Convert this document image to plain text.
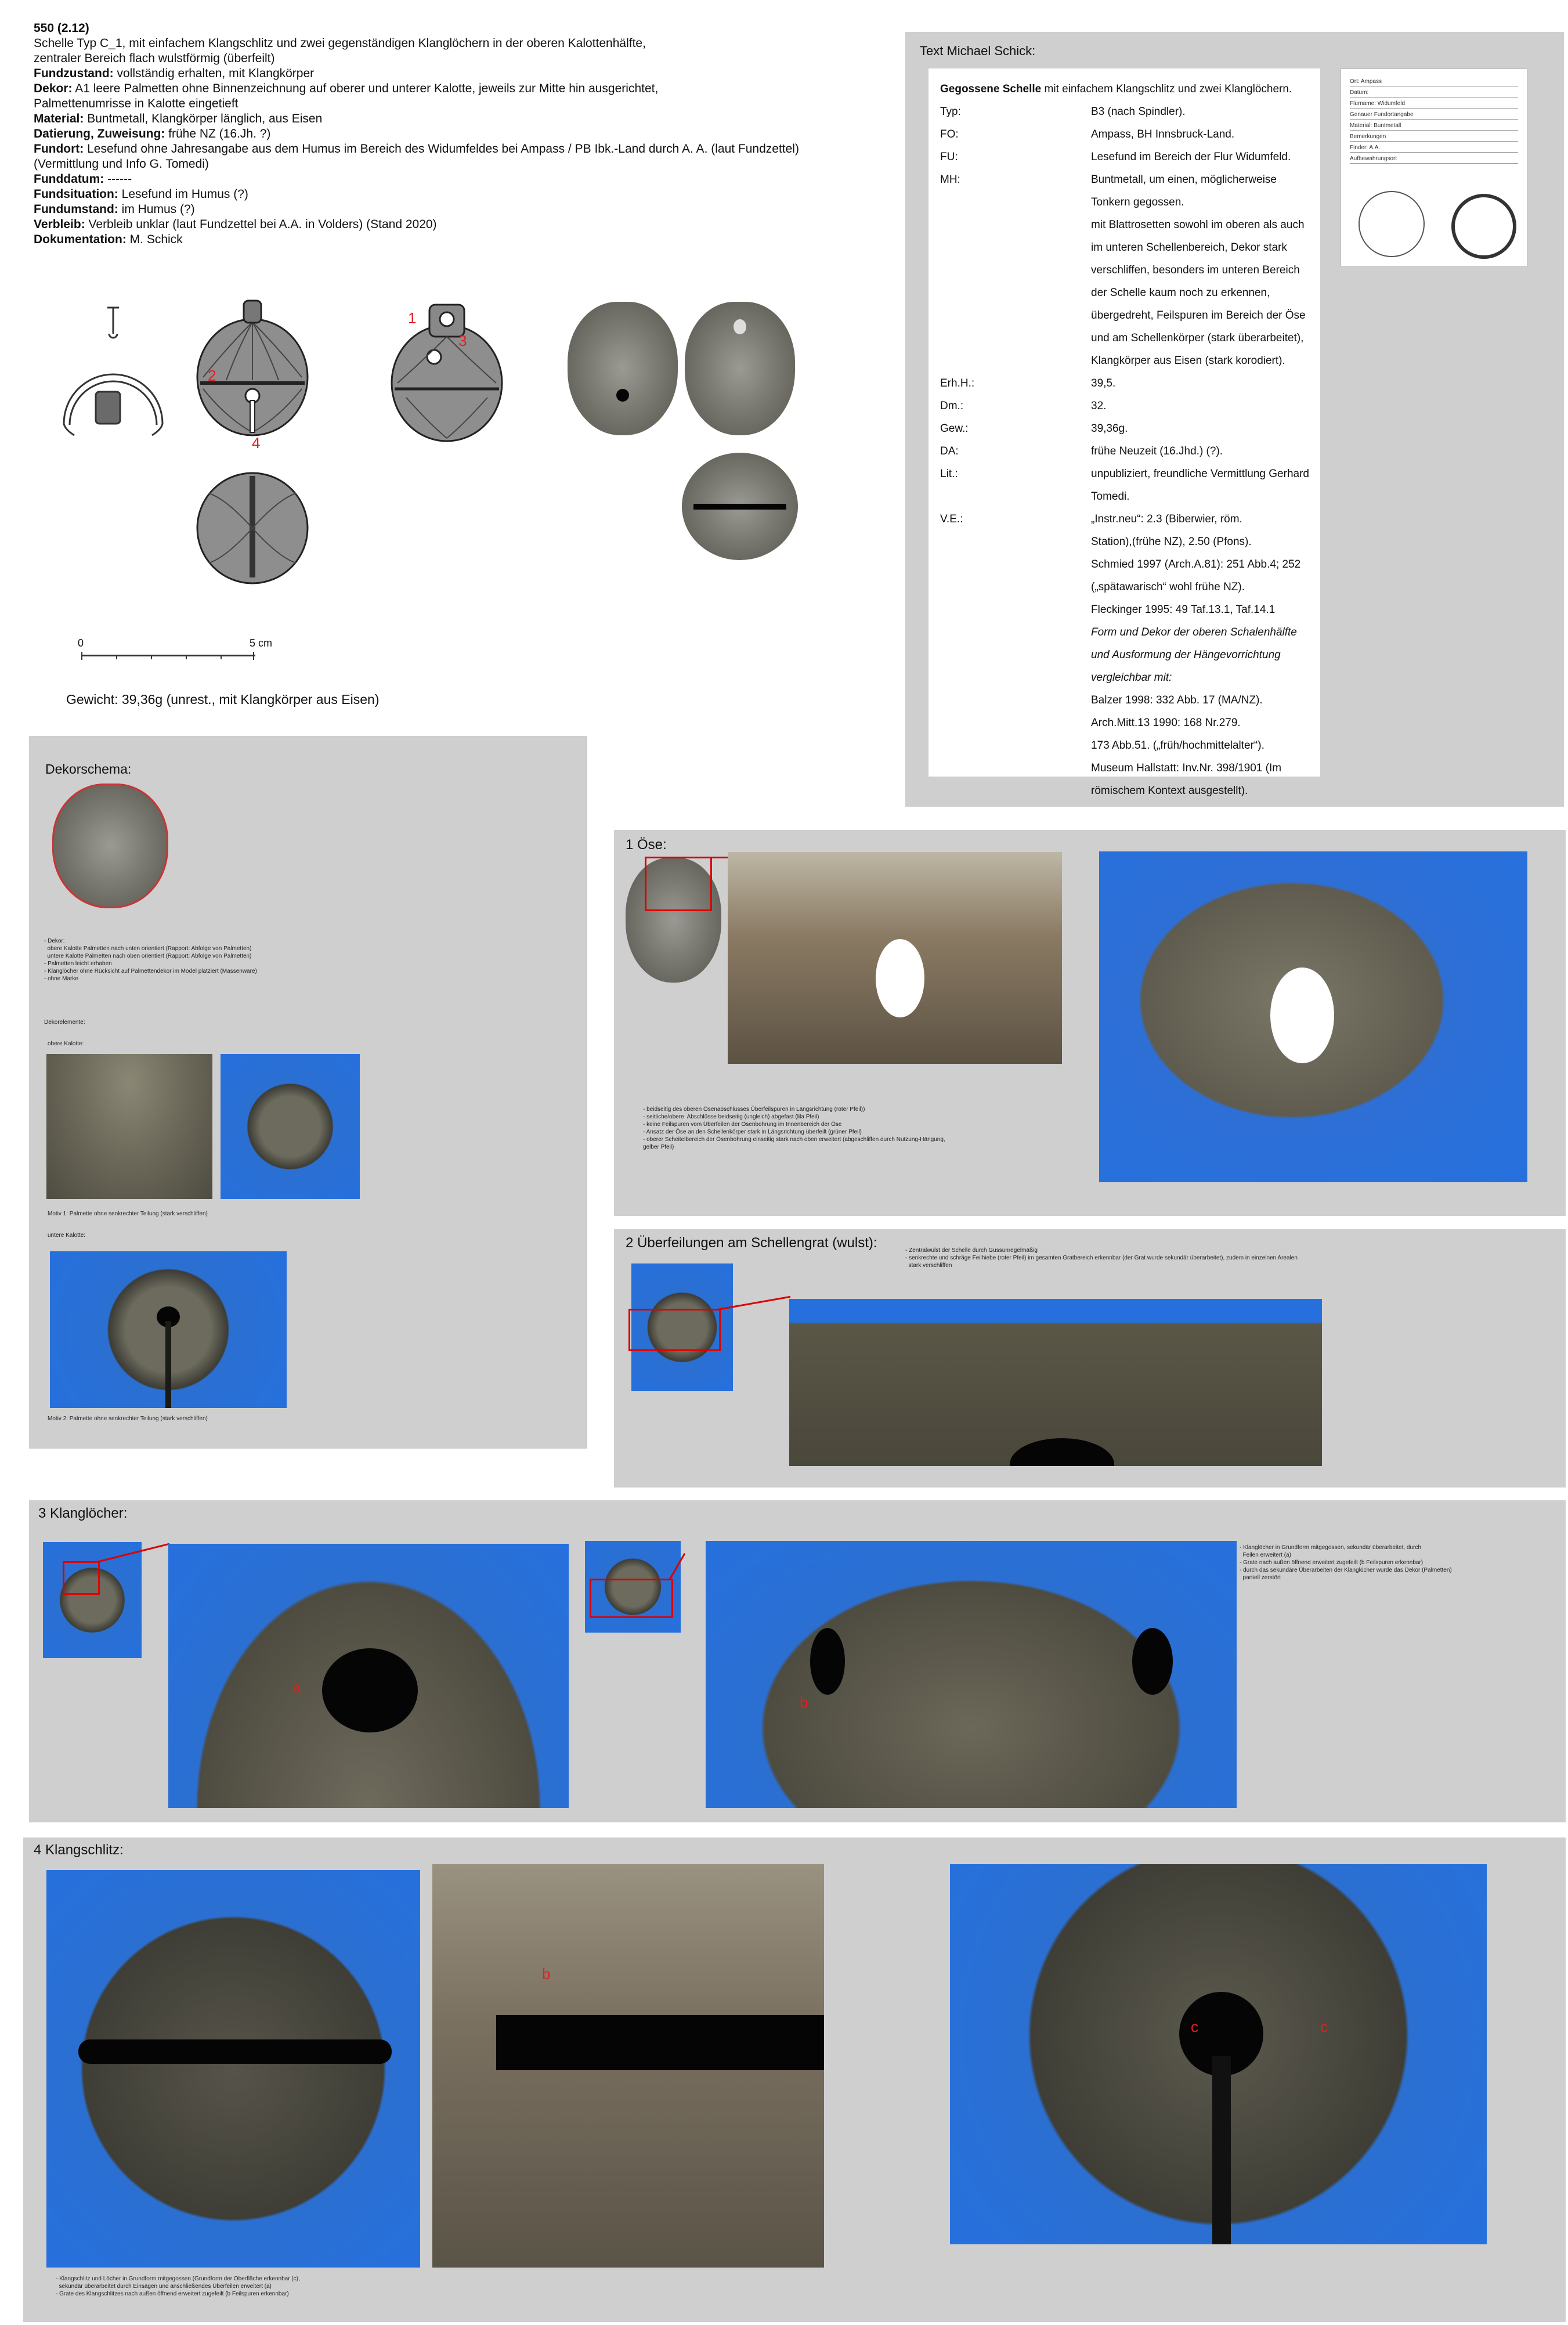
550 (2.12)

Schelle Typ C_1, mit einfachem Klangschlitz und zwei gegenständigen Klanglöchern in der oberen Kalottenhälfte,

zentraler Bereich flach wulstförmig (überfeilt)

Fundzustand: vollständig erhalten, mit Klangkörper

Dekor: A1 leere Palmetten ohne Binnenzeichnung auf oberer und unterer Kalotte, jeweils zur Mitte hin ausgerichtet,

Palmettenumrisse in Kalotte eingetieft

Material: Buntmetall, Klangkörper länglich, aus Eisen

Datierung, Zuweisung: frühe NZ (16.Jh. ?)

Fundort: Lesefund ohne Jahresangabe aus dem Humus im Bereich des Widumfeldes bei Ampass / PB Ibk.-Land durch A. A. (laut Fundzettel)

(Vermittlung und Info G. Tomedi)

Funddatum: ------

Fundsituation: Lesefund im Humus (?)

Fundumstand: im Humus (?)

Verbleib: Verbleib unklar (laut Fundzettel bei A.A. in Volders) (Stand 2020)

Dokumentation: M. Schick

1
3
2
4
0	5 cm
Gewicht: 39,36g (unrest., mit Klangkörper aus Eisen)
Text Michael Schick:
Gegossene Schelle mit einfachem Klangschlitz und zwei Klanglöchern.
Typ:	B3 (nach Spindler).
FO:	Ampass, BH Innsbruck-Land.
FU:	Lesefund im Bereich der Flur Widumfeld.
MH:	Buntmetall, um einen, möglicherweise
Tonkern gegossen.
mit Blattrosetten sowohl im oberen als auch
im unteren Schellenbereich, Dekor stark
verschliffen, besonders im unteren Bereich
der Schelle kaum noch zu erkennen,
übergedreht, Feilspuren im Bereich der Öse
und am Schellenkörper (stark überarbeitet),
Klangkörper aus Eisen (stark korodiert).
Erh.H.:	39,5.
Dm.:	32.
Gew.:	39,36g.
DA:	frühe Neuzeit (16.Jhd.) (?).
Lit.:	unpubliziert, freundliche Vermittlung Gerhard
Tomedi.
V.E.:	„Instr.neu“: 2.3 (Biberwier, röm.
Station),(frühe NZ), 2.50 (Pfons).
Schmied 1997 (Arch.A.81): 251 Abb.4; 252
(„spätawarisch“ wohl frühe NZ).
Fleckinger 1995: 49 Taf.13.1, Taf.14.1
Form und Dekor der oberen Schalenhälfte
und Ausformung der Hängevorrichtung
vergleichbar mit:
Balzer 1998: 332 Abb. 17 (MA/NZ).
Arch.Mitt.13 1990: 168 Nr.279.
173 Abb.51. („früh/hochmittelalter“).
Museum Hallstatt: Inv.Nr. 398/1901 (Im
römischem Kontext ausgestellt).
Ort: Ampass
Datum:
Flurname: Widumfeld
Genauer Fundortangabe
Material: Buntmetall
Bemerkungen
Finder: A.A.
Aufbewahrungsort
Dekorschema:
- Dekor:
obere Kalotte Palmetten nach unten orientiert (Rapport: Abfolge von Palmetten)
untere Kalotte Palmetten nach oben orientiert (Rapport: Abfolge von Palmetten)
- Palmetten leicht erhaben
- Klanglöcher ohne Rücksicht auf Palmettendekor im Model platziert (Massenware)
- ohne Marke
Dekorelemente:
obere Kalotte:
Motiv 1: Palmette ohne senkrechter Teilung (stark verschliffen)
untere Kalotte:
Motiv 2: Palmette ohne senkrechter Teilung (stark verschliffen)
1 Öse:
- beidseitig des oberen Ösenabschlusses Überfeilspuren in Längsrichtung (roter Pfeil))
- seitliche/obere  Abschlüsse beidseitig (ungleich) abgefast (lila Pfeil)
- keine Feilspuren vom Überfeilen der Ösenbohrung im Innenbereich der Öse
- Ansatz der Öse an den Schellenkörper stark in Längsrichtung überfeilt (grüner Pfeil)
- oberer Scheitelbereich der Ösenbohrung einseitig stark nach oben erweitert (abgeschliffen durch Nutzung-Hängung,
gelber Pfeil)
2 Überfeilungen am Schellengrat (wulst):	- Zentralwulst der Schelle durch Gussunregelmäßig
- senkrechte und schräge Feilhiebe (roter Pfeil) im gesamten Gratbereich erkennbar (der Grat wurde sekundär überarbeitet), zudem in einzelnen Arealen
stark verschliffen
3 Klanglöcher:
a
b
- Klanglöcher in Grundform mitgegossen, sekundär überarbeitet, durch
Feilen erweitert (a)
- Grate nach außen öffnend erweitert zugefeilt (b Feilspuren erkennbar)
- durch das sekundäre Überarbeiten der Klanglöcher wurde das Dekor (Palmetten)
partiell zerstört
4 Klangschlitz:
b
c	c
- Klangschlitz und Löcher in Grundform mitgegossen (Grundform der Oberfläche erkennbar (c),
sekundär überarbeitet durch Einsägen und anschließendes Überfeilen erweitert (a)
- Grate des Klangschlitzes nach außen öffnend erweitert zugefeilt (b Feilspuren erkennbar)
